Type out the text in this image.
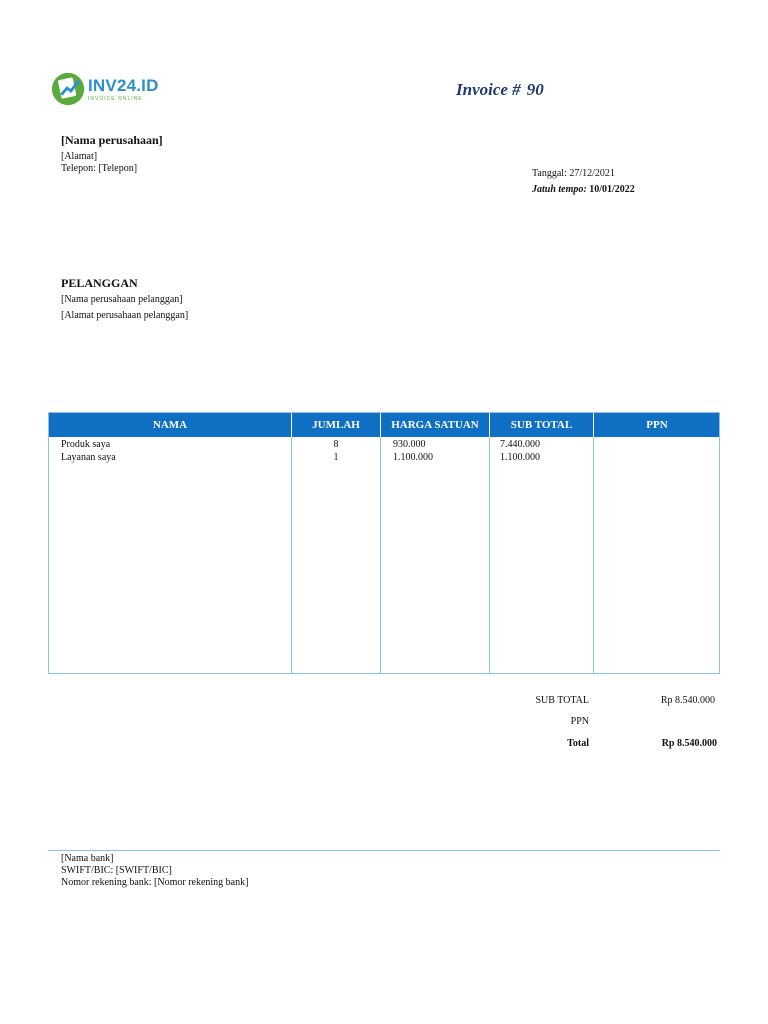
INV24.ID
INVOICE ONLINE	Invoice # 90
[Nama perusahaan]
[Alamat]
Telepon: [Telepon]	Tanggal: 27/12/2021
Jatuh tempo: 10/01/2022
PELANGGAN
[Nama perusahaan pelanggan]
[Alamat perusahaan pelanggan]
NAMA	JUMLAH	HARGA SATUAN	SUB TOTAL	PPN
Produk saya	8	930.000	7.440.000
Layanan saya	1	1.100.000	1.100.000
SUB TOTAL	Rp 8.540.000
PPN
Total	Rp 8.540.000
[Nama bank]
SWIFT/BIC: [SWIFT/BIC]
Nomor rekening bank: [Nomor rekening bank]
